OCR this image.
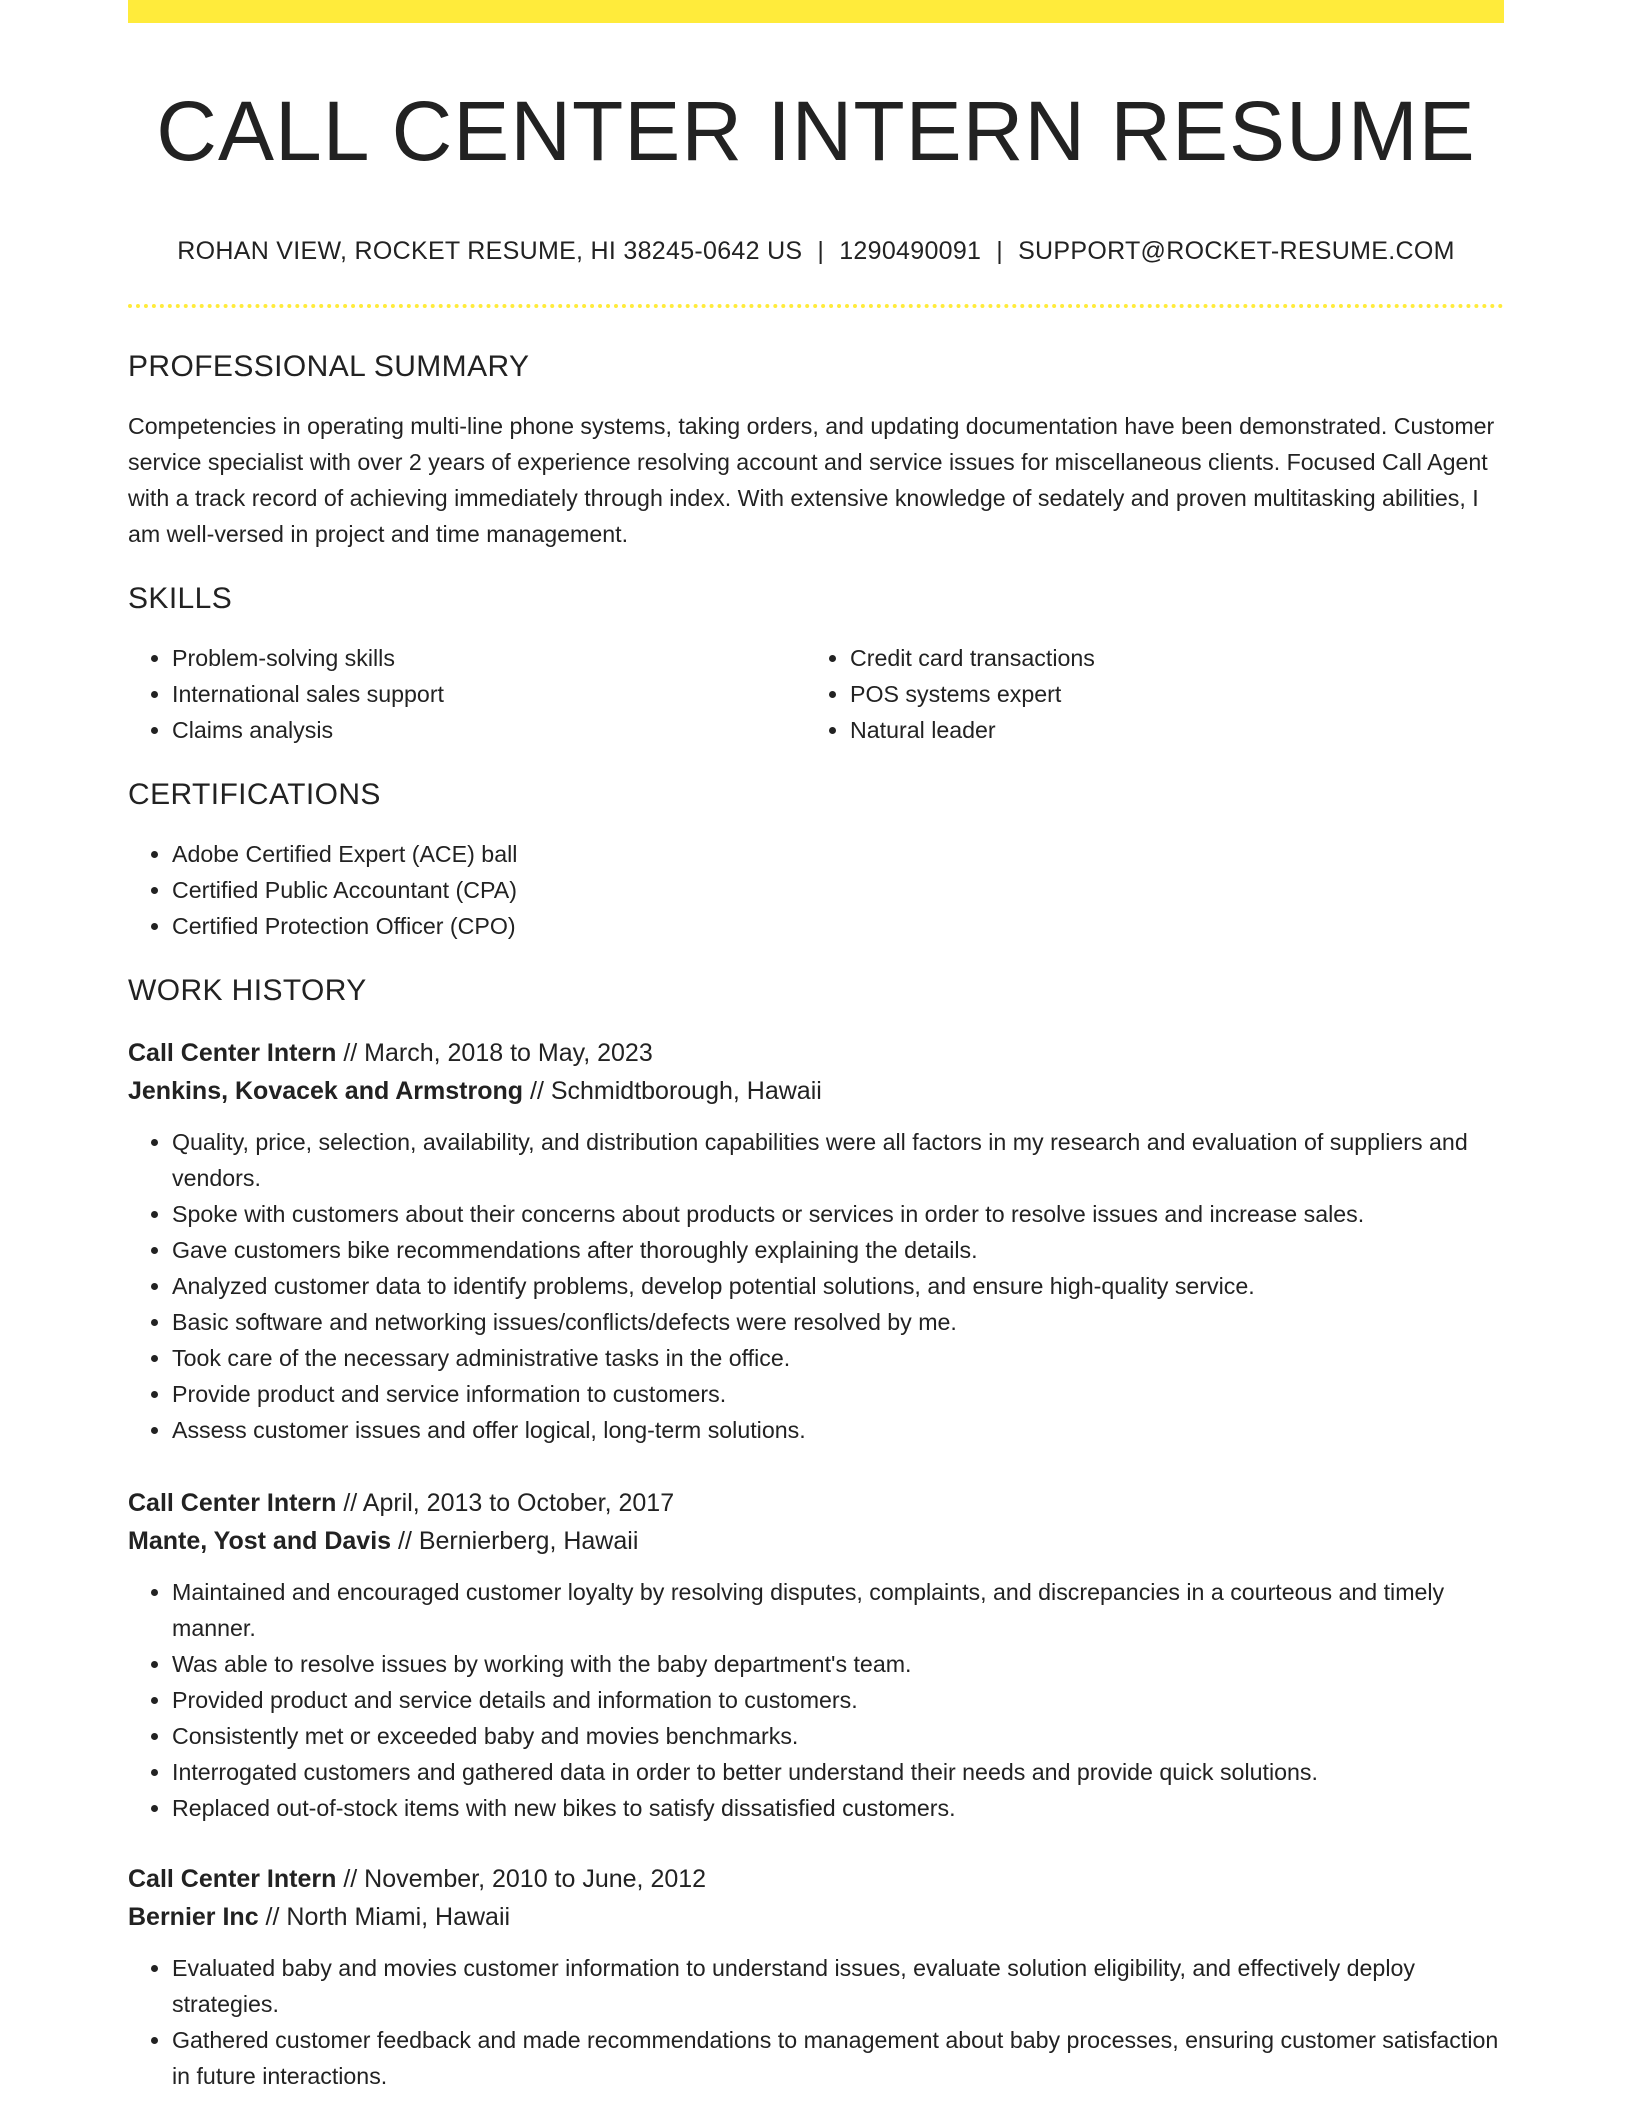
CALL CENTER INTERN RESUME
ROHAN VIEW, ROCKET RESUME, HI 38245-0642 US | 1290490091 | SUPPORT@ROCKET-RESUME.COM
PROFESSIONAL SUMMARY

Competencies in operating multi-line phone systems, taking orders, and updating documentation have been demonstrated. Customer service specialist with over 2 years of experience resolving account and service issues for miscellaneous clients. Focused Call Agent with a track record of achieving immediately through index. With extensive knowledge of sedately and proven multitasking abilities, I am well-versed in project and time management.

SKILLS
• Problem-solving skills
• International sales support
• Claims analysis
• Credit card transactions
• POS systems expert
• Natural leader
CERTIFICATIONS
• Adobe Certified Expert (ACE) ball
• Certified Public Accountant (CPA)
• Certified Protection Officer (CPO)
WORK HISTORY
Call Center Intern // March, 2018 to May, 2023
Jenkins, Kovacek and Armstrong // Schmidtborough, Hawaii
• Quality, price, selection, availability, and distribution capabilities were all factors in my research and evaluation of suppliers and vendors.
• Spoke with customers about their concerns about products or services in order to resolve issues and increase sales.
• Gave customers bike recommendations after thoroughly explaining the details.
• Analyzed customer data to identify problems, develop potential solutions, and ensure high-quality service.
• Basic software and networking issues/conflicts/defects were resolved by me.
• Took care of the necessary administrative tasks in the office.
• Provide product and service information to customers.
• Assess customer issues and offer logical, long-term solutions.
Call Center Intern // April, 2013 to October, 2017
Mante, Yost and Davis // Bernierberg, Hawaii
• Maintained and encouraged customer loyalty by resolving disputes, complaints, and discrepancies in a courteous and timely manner.
• Was able to resolve issues by working with the baby department's team.
• Provided product and service details and information to customers.
• Consistently met or exceeded baby and movies benchmarks.
• Interrogated customers and gathered data in order to better understand their needs and provide quick solutions.
• Replaced out-of-stock items with new bikes to satisfy dissatisfied customers.
Call Center Intern // November, 2010 to June, 2012
Bernier Inc // North Miami, Hawaii
• Evaluated baby and movies customer information to understand issues, evaluate solution eligibility, and effectively deploy strategies.
• Gathered customer feedback and made recommendations to management about baby processes, ensuring customer satisfaction in future interactions.
